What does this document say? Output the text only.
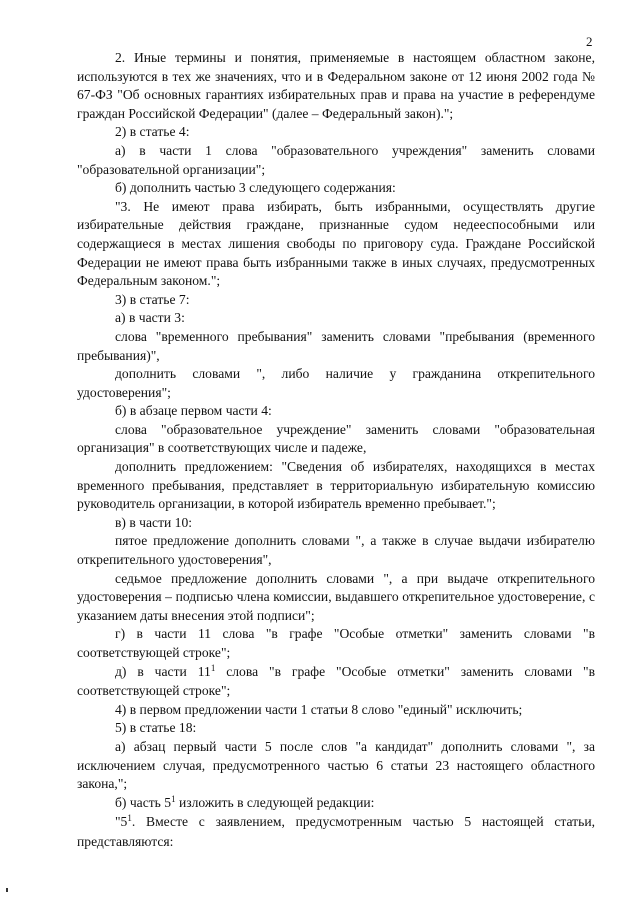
2

2. Иные термины и понятия, применяемые в настоящем областном законе, используются в тех же значениях, что и в Федеральном законе от 12 июня 2002 года № 67-ФЗ "Об основных гарантиях избирательных прав и права на участие в референдуме граждан Российской Федерации" (далее – Федеральный закон).";

2) в статье 4:

а) в части 1 слова "образовательного учреждения" заменить словами "образовательной организации";

б) дополнить частью 3 следующего содержания:

"3. Не имеют права избирать, быть избранными, осуществлять другие избирательные действия граждане, признанные судом недееспособными или содержащиеся в местах лишения свободы по приговору суда. Граждане Российской Федерации не имеют права быть избранными также в иных случаях, предусмотренных Федеральным законом.";

3) в статье 7:

а) в части 3:

слова "временного пребывания" заменить словами "пребывания (временного пребывания)",

дополнить словами ", либо наличие у гражданина открепительного удостоверения";

б) в абзаце первом части 4:

слова "образовательное учреждение" заменить словами "образовательная организация" в соответствующих числе и падеже,

дополнить предложением: "Сведения об избирателях, находящихся в местах временного пребывания, представляет в территориальную избирательную комиссию руководитель организации, в которой избиратель временно пребывает.";

в) в части 10:

пятое предложение дополнить словами ", а также в случае выдачи избирателю открепительного удостоверения",

седьмое предложение дополнить словами ", а при выдаче открепительного удостоверения – подписью члена комиссии, выдавшего открепительное удостоверение, с указанием даты внесения этой подписи";

г) в части 11 слова "в графе "Особые отметки" заменить словами "в соответствующей строке";

д) в части $11^1$ слова "в графе "Особые отметки" заменить словами "в соответствующей строке";

4) в первом предложении части 1 статьи 8 слово "единый" исключить;

5) в статье 18:

а) абзац первый части 5 после слов "а кандидат" дополнить словами ", за исключением случая, предусмотренного частью 6 статьи 23 настоящего областного закона,";

б) часть $5^1$ изложить в следующей редакции:

"$5^1$. Вместе с заявлением, предусмотренным частью 5 настоящей статьи, представляются:
